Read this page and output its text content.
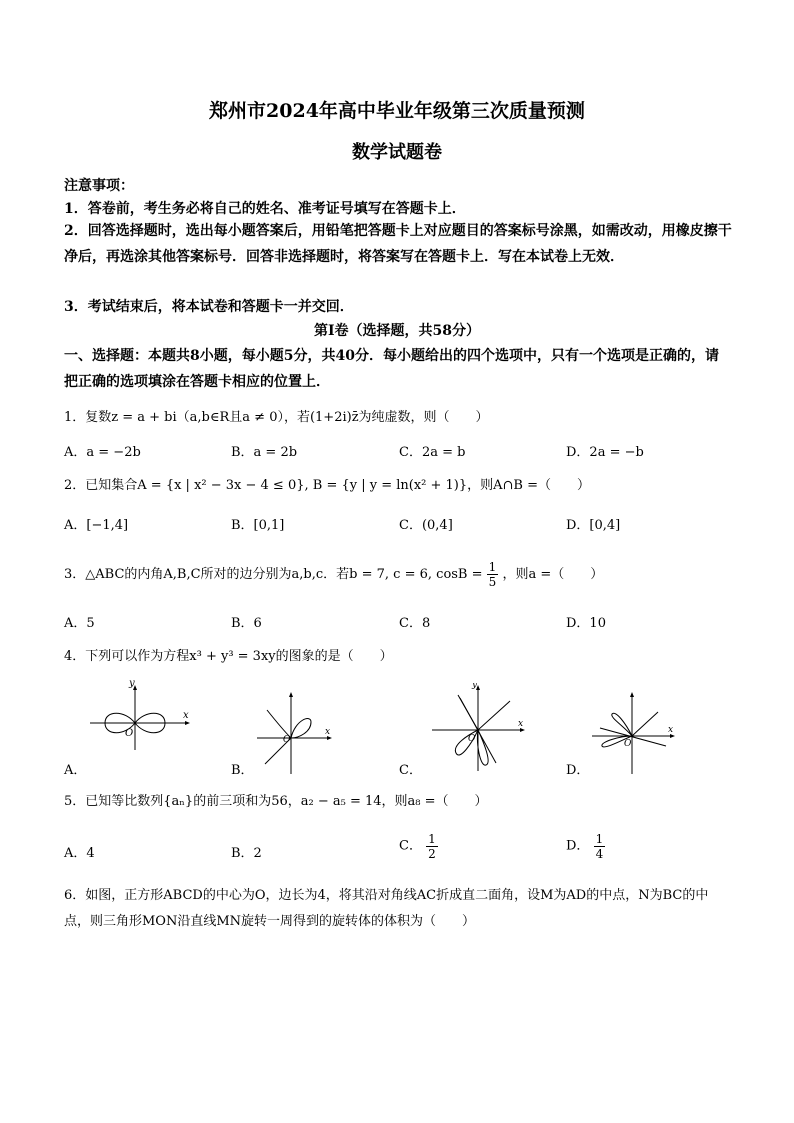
郑州市2024年高中毕业年级第三次质量预测
数学试题卷
注意事项：
1．答卷前，考生务必将自己的姓名、准考证号填写在答题卡上．
2．回答选择题时，选出每小题答案后，用铅笔把答题卡上对应题目的答案标号涂黑，如需改动，用橡皮擦干净后，再选涂其他答案标号．回答非选择题时，将答案写在答题卡上．写在本试卷上无效．
3．考试结束后，将本试卷和答题卡一并交回．
第Ⅰ卷（选择题，共58分）
一、选择题：本题共8小题，每小题5分，共40分．每小题给出的四个选项中，只有一个选项是正确的，请把正确的选项填涂在答题卡相应的位置上．
1．复数z = a + bi（a,b∈R且a ≠ 0），若(1+2i)z̄为纯虚数，则（　　）
A．a = −2b	B．a = 2b	C．2a = b	D．2a = −b
2．已知集合A = {x | x² − 3x − 4 ≤ 0}, B = {y | y = ln(x² + 1)}，则A∩B =（　　）
A．[−1,4]	B．[0,1]	C．(0,4]	D．[0,4]
3．△ABC的内角A,B,C所对的边分别为a,b,c．若b = 7, c = 6, $\cos B = \frac{1}{5}$ ，则a =（　　）
A．5	B．6	C．8	D．10
4．下列可以作为方程x³ + y³ = 3xy的图象的是（　　）
y
x
O
A．
O
x
B．
y
x
O
C．
x
O
D．
5．已知等比数列{aₙ}的前三项和为56，a₂ − a₅ = 14，则a₈ =（　　）
A．4	B．2	C． $\frac{1}{2}$	D． $\frac{1}{4}$
6．如图，正方形ABCD的中心为O，边长为4，将其沿对角线AC折成直二面角，设M为AD的中点，N为BC的中点，则三角形MON沿直线MN旋转一周得到的旋转体的体积为（　　）
